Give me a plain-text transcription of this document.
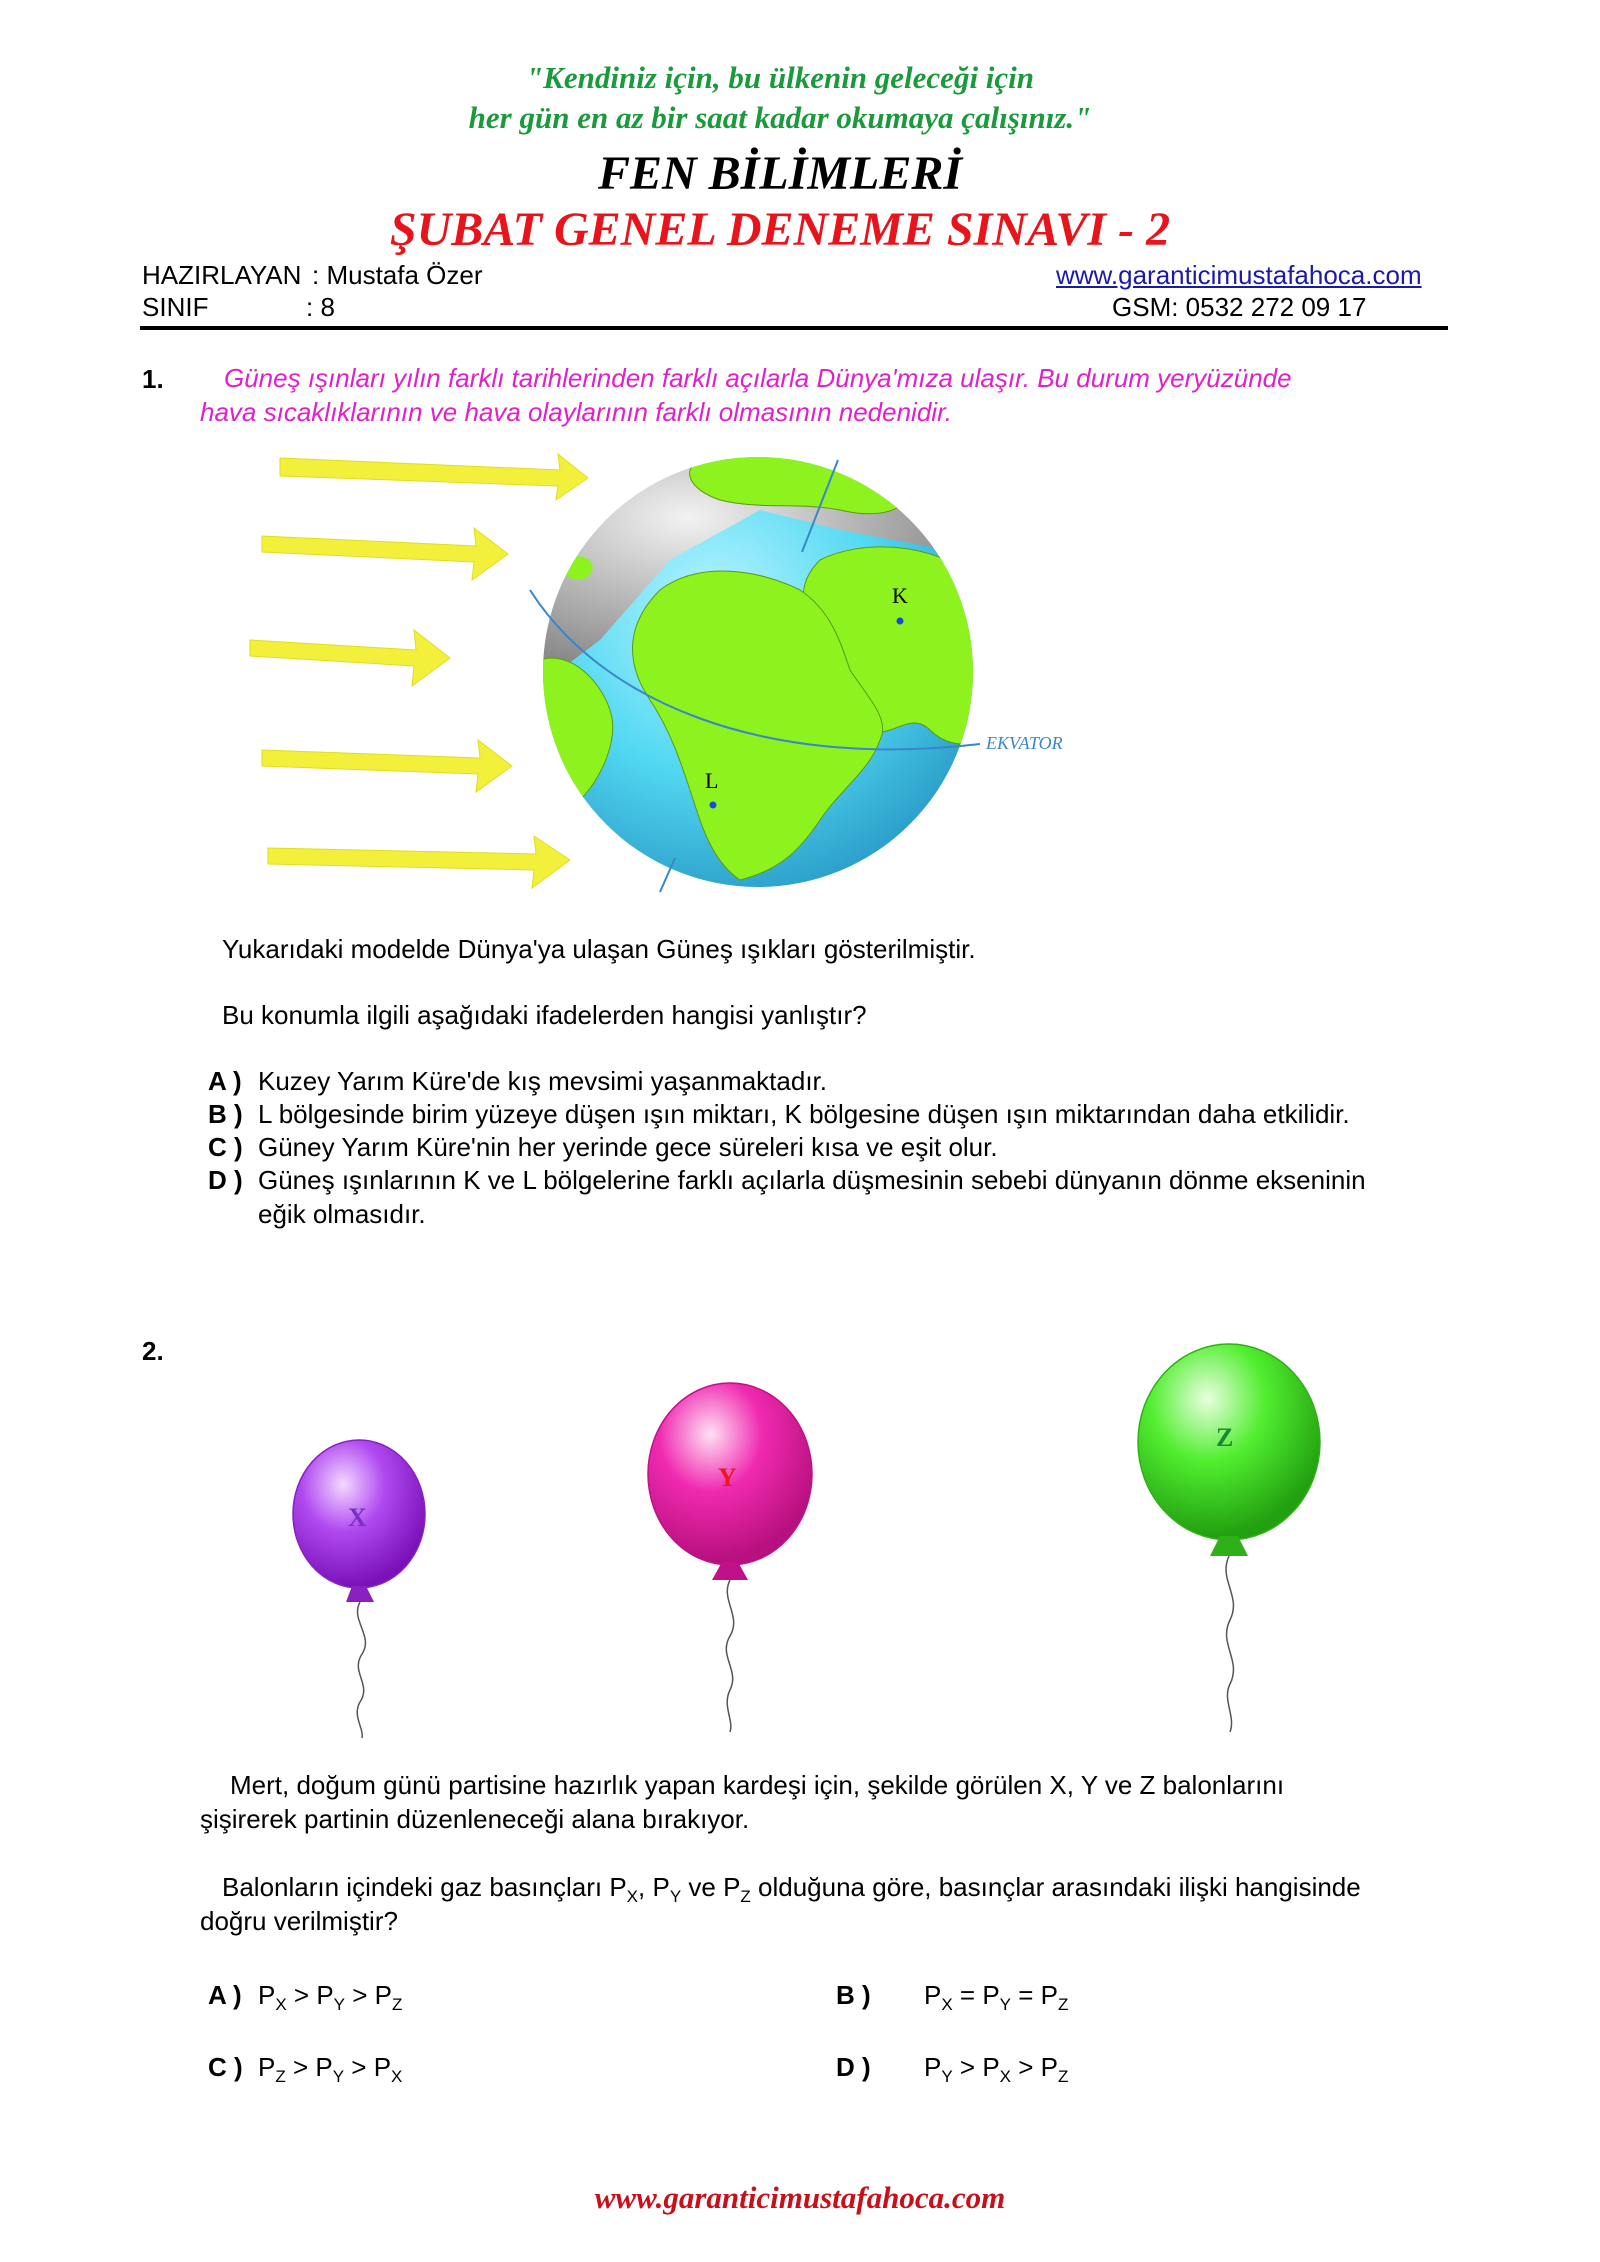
"Kendiniz için, bu ülkenin geleceği için
her gün en az bir saat kadar okumaya çalışınız."
FEN BİLİMLERİ
ŞUBAT GENEL DENEME SINAVI - 2
HAZIRLAYAN : Mustafa Özer	www.garanticimustafahoca.com
SINIF	: 8	GSM: 0532 272 09 17
1. Güneş ışınları yılın farklı tarihlerinden farklı açılarla Dünya'mıza ulaşır. Bu durum yeryüzünde
hava sıcaklıklarının ve hava olaylarının farklı olmasının nedenidir.
K
L
EKVATOR
Yukarıdaki modelde Dünya'ya ulaşan Güneş ışıkları gösterilmiştir.
Bu konumla ilgili aşağıdaki ifadelerden hangisi yanlıştır?
A ) Kuzey Yarım Küre'de kış mevsimi yaşanmaktadır.
B ) L bölgesinde birim yüzeye düşen ışın miktarı, K bölgesine düşen ışın miktarından daha etkilidir.
C ) Güney Yarım Küre'nin her yerinde gece süreleri kısa ve eşit olur.
D ) Güneş ışınlarının K ve L bölgelerine farklı açılarla düşmesinin sebebi dünyanın dönme ekseninin
eğik olmasıdır.
2.
X
Y
Z
Mert, doğum günü partisine hazırlık yapan kardeşi için, şekilde görülen X, Y ve Z balonlarını
şişirerek partinin düzenleneceği alana bırakıyor.
Balonların içindeki gaz basınçları $P_X$, $P_Y$ ve $P_Z$ olduğuna göre, basınçlar arasındaki ilişki hangisinde
doğru verilmiştir?
A ) $P_X > P_Y > P_Z$	B ) $P_X = P_Y = P_Z$
C ) $P_Z > P_Y > P_X$	D ) $P_Y > P_X > P_Z$
www.garanticimustafahoca.com
